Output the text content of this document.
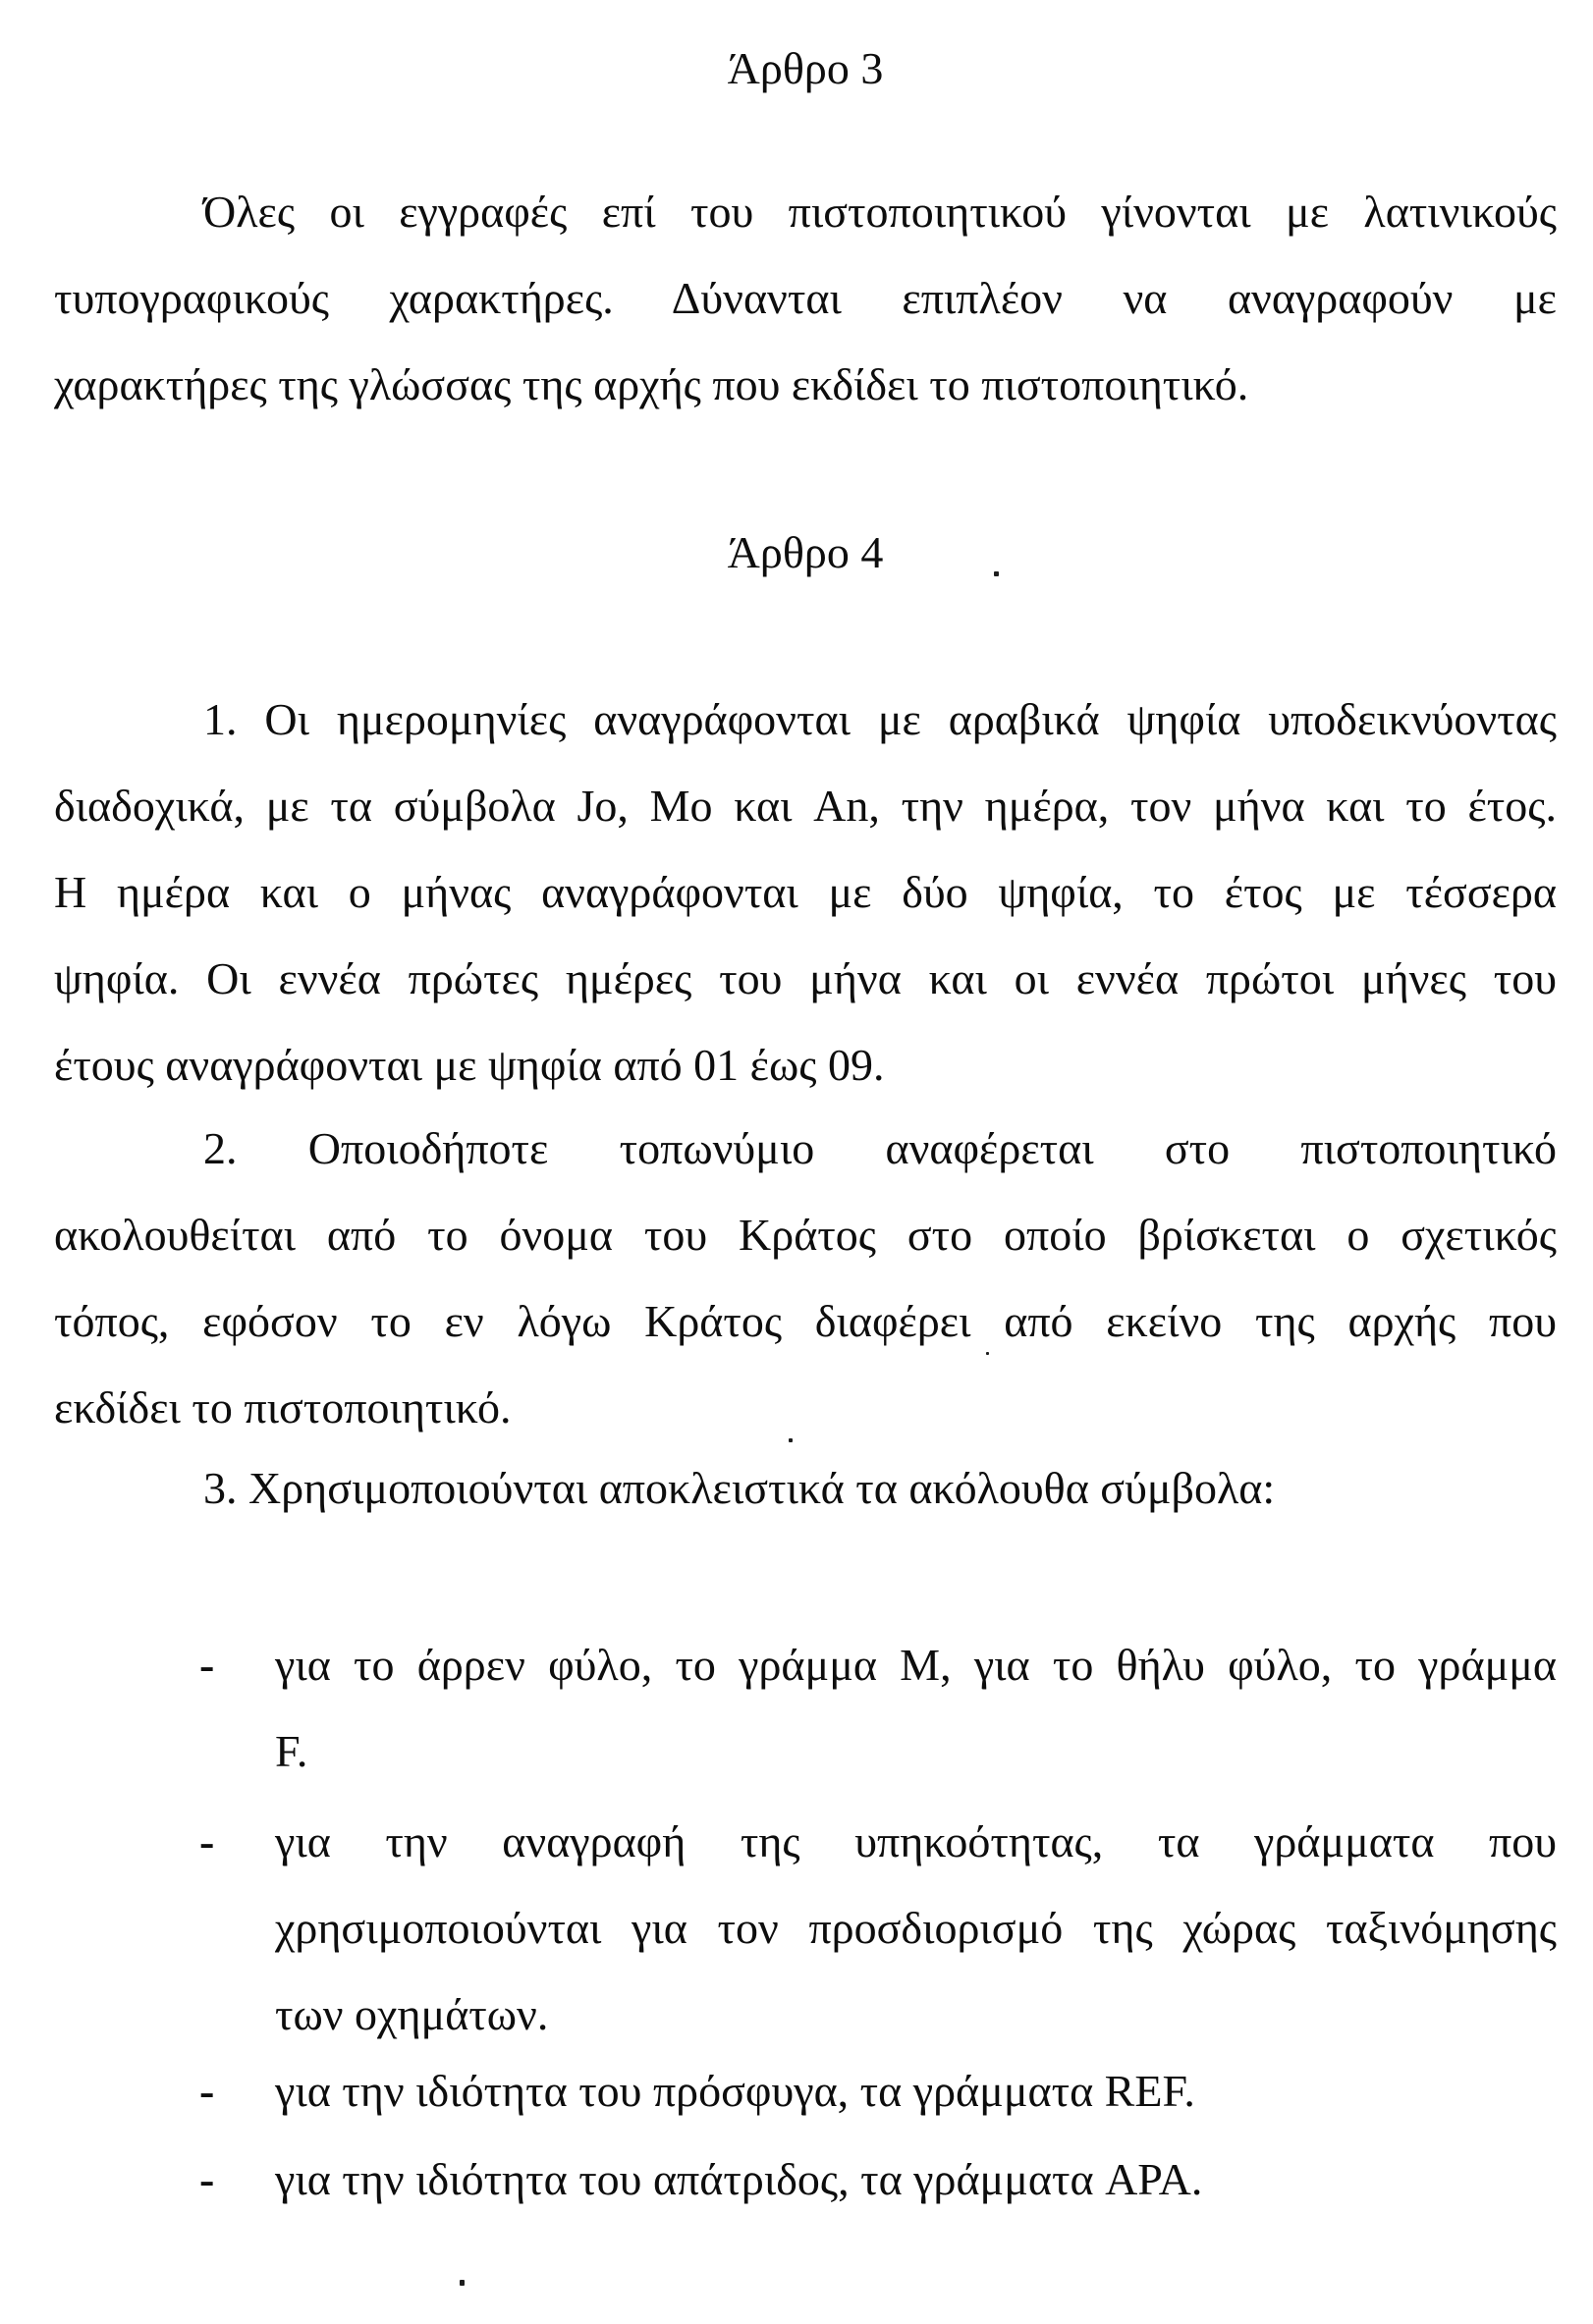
Άρθρο 3
Όλες οι εγγραφές επί του πιστοποιητικού γίνονται με λατινικούς
τυπογραφικούς χαρακτήρες. Δύνανται επιπλέον να αναγραφούν με
χαρακτήρες της γλώσσας της αρχής που εκδίδει το πιστοποιητικό.
Άρθρο 4
1. Οι ημερομηνίες αναγράφονται με αραβικά ψηφία υποδεικνύοντας
διαδοχικά, με τα σύμβολα Jo, Mo και An, την ημέρα, τον μήνα και το έτος.
Η ημέρα και ο μήνας αναγράφονται με δύο ψηφία, το έτος με τέσσερα
ψηφία. Οι εννέα πρώτες ημέρες του μήνα και οι εννέα πρώτοι μήνες του
έτους αναγράφονται με ψηφία από 01 έως 09.
2. Οποιοδήποτε τοπωνύμιο αναφέρεται στο πιστοποιητικό
ακολουθείται από το όνομα του Κράτος στο οποίο βρίσκεται ο σχετικός
τόπος, εφόσον το εν λόγω Κράτος διαφέρει από εκείνο της αρχής που
εκδίδει το πιστοποιητικό.
3. Χρησιμοποιούνται αποκλειστικά τα ακόλουθα σύμβολα:
- για το άρρεν φύλο, το γράμμα Μ, για το θήλυ φύλο, το γράμμα
F.
- για την αναγραφή της υπηκοότητας, τα γράμματα που
χρησιμοποιούνται για τον προσδιορισμό της χώρας ταξινόμησης
των οχημάτων.
- για την ιδιότητα του πρόσφυγα, τα γράμματα REF.
- για την ιδιότητα του απάτριδος, τα γράμματα APA.
